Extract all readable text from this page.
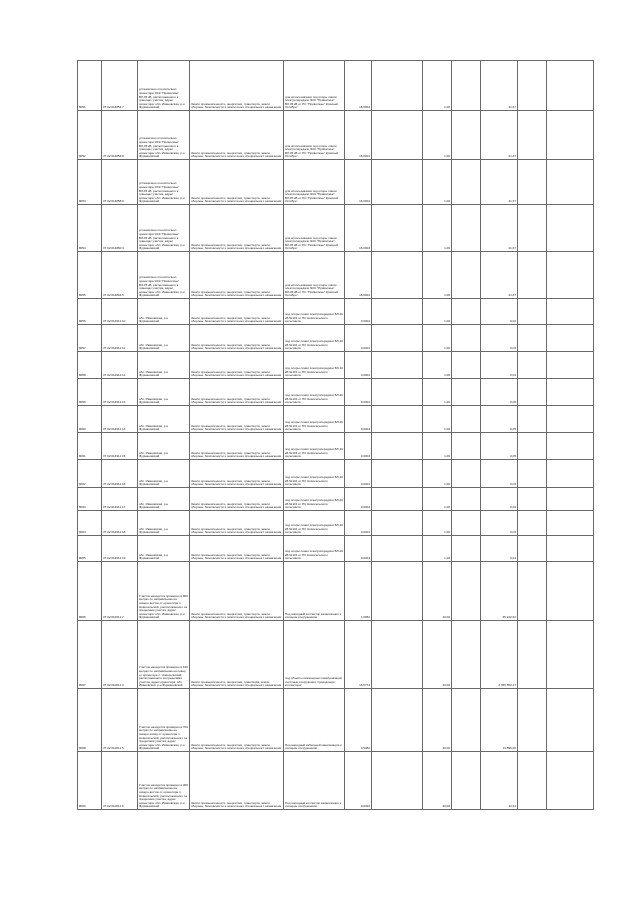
8051	37:02:014854:7	установлено относительно ориентира ЭСК "Приволжье" ВЛ-35 кВ, расположенного в границах участка, адрес ориентира: обл. Ивановская, р-н Фурмановский	Земли промышленности, энергетики, транспорта, земли обороны, безопасности и земли иного специального назначения	для использования под опоры линии электропередачи ЭСК "Приволжье" ВЛ-35 кВ от ПС "Приволжье" Красный Октябрь"	16,0004		1,00		21,67		
8052	37:02:014856:8	установлено относительно ориентира ЭСК "Приволжье" ВЛ-35 кВ, расположенного в границах участка, адрес ориентира: обл. Ивановская, р-н Фурмановский	Земли промышленности, энергетики, транспорта, земли обороны, безопасности и земли иного специального назначения	для использования под опоры линии электропередачи ЭСК "Приволжье" ВЛ-35 кВ от ПС "Приволжье" Красный Октябрь"	16,0004		1,00		21,67		
8053	37:02:014858:9	установлено относительно ориентира ЭСК "Приволжье" ВЛ-35 кВ, расположенного в границах участка, адрес ориентира: обл. Ивановская, р-н Фурмановский	Земли промышленности, энергетики, транспорта, земли обороны, безопасности и земли иного специального назначения	для использования под опоры линии электропередачи ЭСК "Приволжье" ВЛ-35 кВ от ПС "Приволжье" Красный Октябрь"	16,0004		1,00		21,67		
8054	37:02:014860:4	установлено относительно ориентира ЭСК "Приволжье" ВЛ-35 кВ, расположенного в границах участка, адрес ориентира: обл. Ивановская, р-н Фурмановский	Земли промышленности, энергетики, транспорта, земли обороны, безопасности и земли иного специального назначения	для использования под опоры линии электропередачи ЭСК "Приволжье" ВЛ-35 кВ от ПС "Приволжье" Красный Октябрь"	16,0004		1,00		21,67		
8055	37:02:014864:5	установлено относительно ориентира ЭСК "Приволжье" ВЛ-35 кВ, расположенного в границах участка, адрес ориентира: обл. Ивановская, р-н Фурмановский	Земли промышленности, энергетики, транспорта, земли обороны, безопасности и земли иного специального назначения	для использования под опоры линии электропередачи ЭСК "Приволжье" ВЛ-35 кВ от ПС "Приволжье" Красный Октябрь"	16,0004		1,00		21,67		
8056	37:02:014911:10	обл. Ивановская, р-н Фурмановский	Земли промышленности, энергетики, транспорта, земли обороны, безопасности и земли иного специального назначения	под опоры линии электропередачи ВЛ-10 кВ №101 от ПС Новосельского сельсовета	0,0004		1,00		0,04		
8057	37:02:014911:11	обл. Ивановская, р-н Фурмановский	Земли промышленности, энергетики, транспорта, земли обороны, безопасности и земли иного специального назначения	под опоры линии электропередачи ВЛ-10 кВ №101 от ПС Новосельского сельсовета	0,0004		1,00		0,04		
8058	37:02:014911:12	обл. Ивановская, р-н Фурмановский	Земли промышленности, энергетики, транспорта, земли обороны, безопасности и земли иного специального назначения	под опоры линии электропередачи ВЛ-10 кВ №101 от ПС Новосельского сельсовета	0,0004		1,00		0,04		
8059	37:02:014911:13	обл. Ивановская, р-н Фурмановский	Земли промышленности, энергетики, транспорта, земли обороны, безопасности и земли иного специального назначения	под опоры линии электропередачи ВЛ-10 кВ №101 от ПС Новосельского сельсовета	0,0004		1,00		0,05		
8060	37:02:014911:14	обл. Ивановская, р-н Фурмановский	Земли промышленности, энергетики, транспорта, земли обороны, безопасности и земли иного специального назначения	под опоры линии электропередачи ВЛ-10 кВ №101 от ПС Новосельского сельсовета	0,0004		1,00		0,05		
8061	37:02:014911:15	обл. Ивановская, р-н Фурмановский	Земли промышленности, энергетики, транспорта, земли обороны, безопасности и земли иного специального назначения	под опоры линии электропередачи ВЛ-10 кВ №101 от ПС Новосельского сельсовета	0,0004		1,00		0,05		
8062	37:02:014911:16	обл. Ивановская, р-н Фурмановский	Земли промышленности, энергетики, транспорта, земли обороны, безопасности и земли иного специального назначения	под опоры линии электропередачи ВЛ-10 кВ №101 от ПС Новосельского сельсовета	0,0004		1,00		0,04		
8063	37:02:014911:17	обл. Ивановская, р-н Фурмановский	Земли промышленности, энергетики, транспорта, земли обороны, безопасности и земли иного специального назначения	под опоры линии электропередачи ВЛ-10 кВ №101 от ПС Новосельского сельсовета	0,0004		1,00		0,04		
8064	37:02:014911:18	обл. Ивановская, р-н Фурмановский	Земли промышленности, энергетики, транспорта, земли обороны, безопасности и земли иного специального назначения	под опоры линии электропередачи ВЛ-10 кВ №101 от ПС Новосельского сельсовета	0,0004		1,00		0,04		
8065	37:02:014911:19	обл. Ивановская, р-н Фурмановский	Земли промышленности, энергетики, транспорта, земли обороны, безопасности и земли иного специального назначения	под опоры линии электропередачи ВЛ-10 кВ №101 от ПС Новосельского сельсовета	0,0004		1,00		0,04		
8066	37:02:010011:2	Участок находится примерно в 900 метрах по направлению на северо-восток от ориентира п. Новосельский, расположенного за пределами участка, адрес ориентира: обл. Ивановская, р-н Фурмановский	Земли промышленности, энергетики, транспорта, земли обороны, безопасности и земли иного специального назначения	Под народный коллектор канализации к очищенн сооружениям	1,6052		40,00		65 242,62		
8067	37:02:010011:3	Участок находится примерно в 100 метрах по направлению на север от ориентира п. Новосельский, расположенного за пределами участка, адрес ориентира: обл. Ивановская, р-н Фурмановский	Земли промышленности, энергетики, транспорta, земли обороны, безопасности и земли иного специального назначения	под объекты инженерных коммуникаций: очистные сооружения, проводящие коллектора"	16,5772		40,00		2 665 550,17		
8068	37:02:010011:5	Участок находится примерно в 700 метрах по направлению на северо-запад от ориентира п. Новосельский, расположенного за пределами участка, адрес ориентира: обл. Ивановская, р-н Фурмановский	Земли промышленности, энергетики, транспорта, земли обороны, безопасности и земли иного специального назначения	Под народный кабельной канализации к очищенн сооружениям	0,5082		40,00		13 896,00		
8069	37:02:010011:6	Участок находится примерно в 300 метрах по направлению на северо-восток от ориентира п. Новосельский, расположенного за пределами участка, адрес ориентира: обл. Ивановская, р-н Фурмановский	Земли промышленности, энергетики, транспорта, земли обороны, безопасности и земли иного специального назначения	Под народный коллектор канализации к очищенн сооружениям	0,0020		40,00		42,64		
